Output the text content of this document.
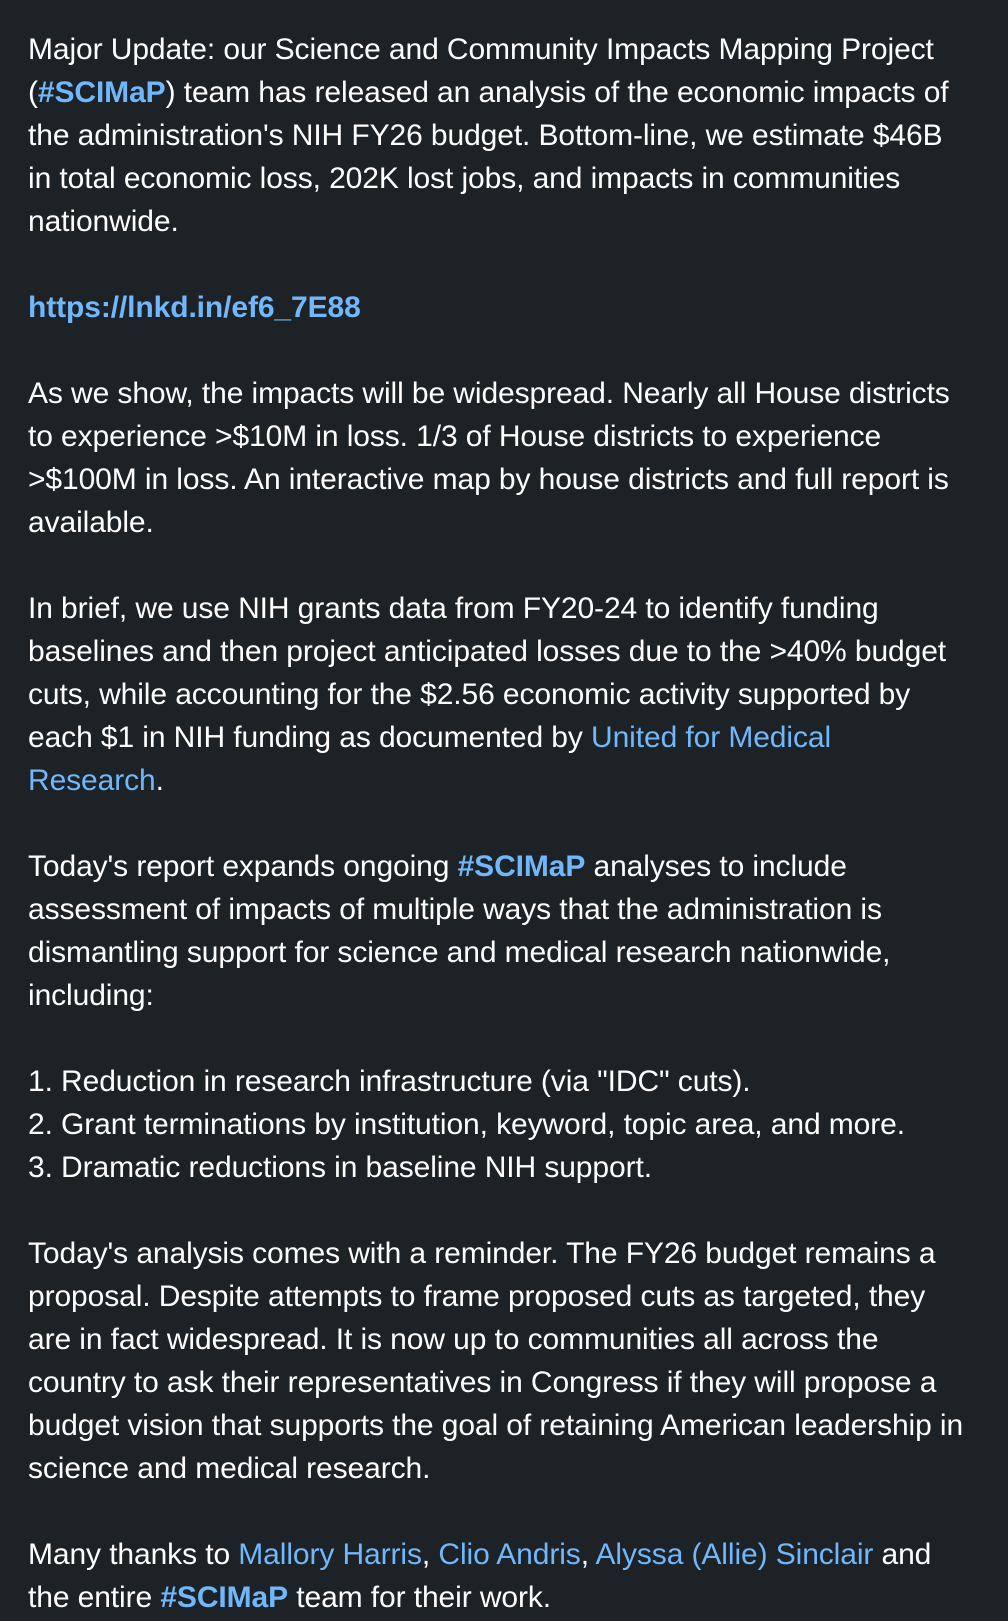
Major Update: our Science and Community Impacts Mapping Project (#SCIMaP) team has released an analysis of the economic impacts of the administration's NIH FY26 budget. Bottom-line, we estimate $46B in total economic loss, 202K lost jobs, and impacts in communities nationwide.

https://lnkd.in/ef6_7E88

As we show, the impacts will be widespread. Nearly all House districts to experience >$10M in loss. 1/3 of House districts to experience >$100M in loss. An interactive map by house districts and full report is available.

In brief, we use NIH grants data from FY20-24 to identify funding baselines and then project anticipated losses due to the >40% budget cuts, while accounting for the $2.56 economic activity supported by each $1 in NIH funding as documented by United for Medical Research.

Today's report expands ongoing #SCIMaP analyses to include assessment of impacts of multiple ways that the administration is dismantling support for science and medical research nationwide, including:

1. Reduction in research infrastructure (via "IDC" cuts).
2. Grant terminations by institution, keyword, topic area, and more.
3. Dramatic reductions in baseline NIH support.

Today's analysis comes with a reminder. The FY26 budget remains a proposal. Despite attempts to frame proposed cuts as targeted, they are in fact widespread. It is now up to communities all across the country to ask their representatives in Congress if they will propose a budget vision that supports the goal of retaining American leadership in science and medical research.

Many thanks to Mallory Harris, Clio Andris, Alyssa (Allie) Sinclair and the entire #SCIMaP team for their work.
